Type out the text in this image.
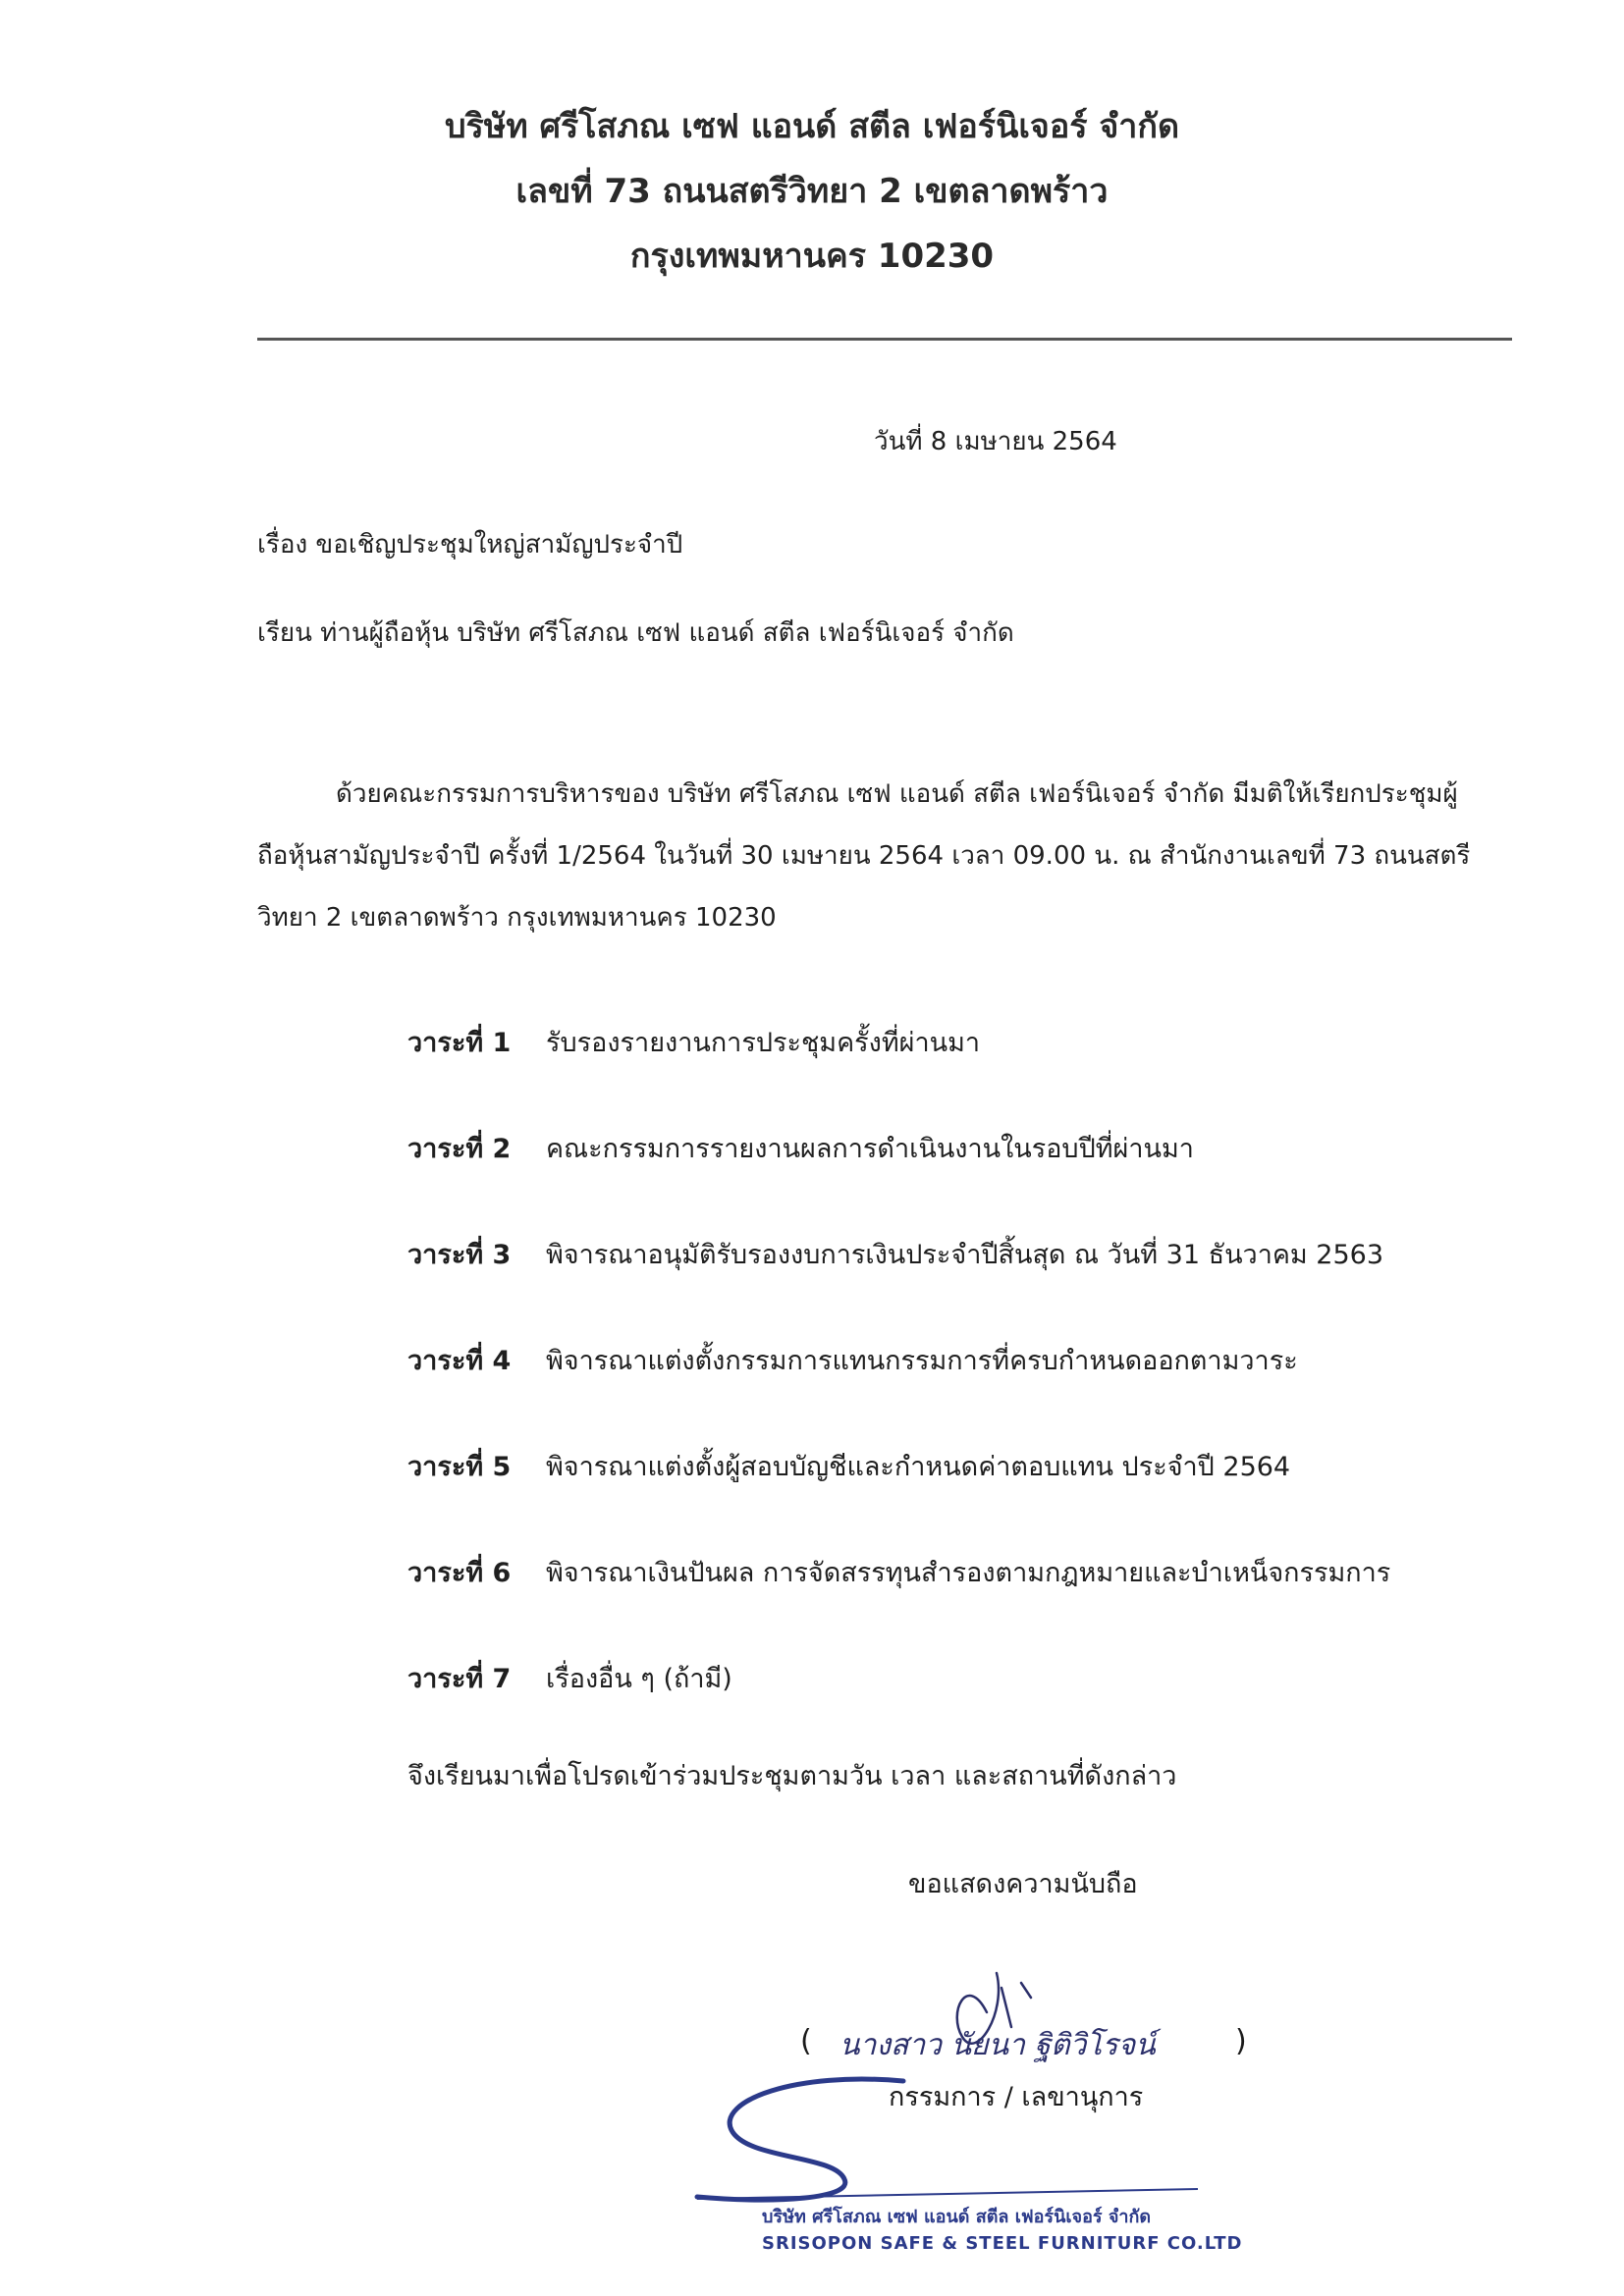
บริษัท ศรีโสภณ เซฟ แอนด์ สตีล เฟอร์นิเจอร์ จำกัด
เลขที่ 73 ถนนสตรีวิทยา 2 เขตลาดพร้าว
กรุงเทพมหานคร 10230
วันที่ 8 เมษายน 2564
เรื่อง ขอเชิญประชุมใหญ่สามัญประจำปี
เรียน ท่านผู้ถือหุ้น บริษัท ศรีโสภณ เซฟ แอนด์ สตีล เฟอร์นิเจอร์ จำกัด
ด้วยคณะกรรมการบริหารของ บริษัท ศรีโสภณ เซฟ แอนด์ สตีล เฟอร์นิเจอร์ จำกัด มีมติให้เรียกประชุมผู้
ถือหุ้นสามัญประจำปี ครั้งที่ 1/2564 ในวันที่ 30 เมษายน 2564 เวลา 09.00 น. ณ สำนักงานเลขที่ 73 ถนนสตรี
วิทยา 2 เขตลาดพร้าว กรุงเทพมหานคร 10230
วาระที่ 1 รับรองรายงานการประชุมครั้งที่ผ่านมา
วาระที่ 2 คณะกรรมการรายงานผลการดำเนินงานในรอบปีที่ผ่านมา
วาระที่ 3 พิจารณาอนุมัติรับรองงบการเงินประจำปีสิ้นสุด ณ วันที่ 31 ธันวาคม 2563
วาระที่ 4 พิจารณาแต่งตั้งกรรมการแทนกรรมการที่ครบกำหนดออกตามวาระ
วาระที่ 5 พิจารณาแต่งตั้งผู้สอบบัญชีและกำหนดค่าตอบแทน ประจำปี 2564
วาระที่ 6 พิจารณาเงินปันผล การจัดสรรทุนสำรองตามกฎหมายและบำเหน็จกรรมการ
วาระที่ 7 เรื่องอื่น ๆ (ถ้ามี)
จึงเรียนมาเพื่อโปรดเข้าร่วมประชุมตามวัน เวลา และสถานที่ดังกล่าว
ขอแสดงความนับถือ
( นางสาว นัยนา ฐิติวิโรจน์	)
กรรมการ / เลขานุการ
บริษัท ศรีโสภณ เซฟ แอนด์ สตีล เฟอร์นิเจอร์ จำกัด
SRISOPON SAFE & STEEL FURNITURF CO.LTD
